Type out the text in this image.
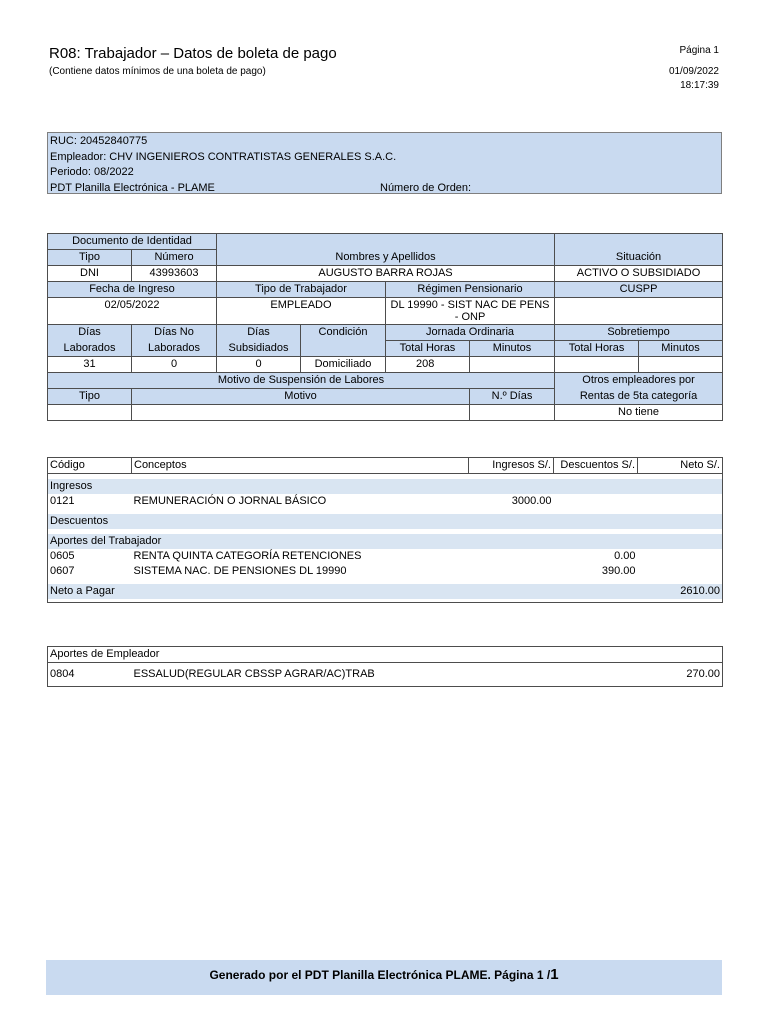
R08: Trabajador – Datos de boleta de pago
(Contiene datos mínimos de una boleta de pago)
Página 1
01/09/2022
18:17:39
RUC: 20452840775
Empleador: CHV INGENIEROS CONTRATISTAS GENERALES S.A.C.
Periodo: 08/2022
PDT Planilla Electrónica - PLAME	Número de Orden:
Documento de Identidad		Nombres y Apellidos				Situación	
Tipo	Número						
DNI	43993603	AUGUSTO BARRA ROJAS				ACTIVO O SUBSIDIADO	
Fecha de Ingreso		Tipo de Trabajador		Régimen Pensionario		CUSPP	
02/05/2022		EMPLEADO		DL 19990 - SIST NAC DE PENS - ONP			
Días	Días No	Días	Condición	Jornada Ordinaria		Sobretiempo	
Laborados	Laborados	Subsidiados		Total Horas	Minutos	Total Horas	Minutos
31	0	0	Domiciliado	208			
Motivo de Suspensión de Labores						Otros empleadores por	
Tipo	Motivo				N.º Días	Rentas de 5ta categoría	
						No tiene	
Código	Conceptos	Ingresos S/.	Descuentos S/.	Neto S/.

Ingresos				
0121	REMUNERACIÓN O JORNAL BÁSICO	3000.00		

Descuentos				

Aportes del Trabajador				
0605	RENTA QUINTA CATEGORÍA RETENCIONES		0.00	
0607	SISTEMA NAC. DE PENSIONES DL 19990		390.00	

Neto a Pagar				2610.00

Aportes de Empleador

0804	ESSALUD(REGULAR CBSSP AGRAR/AC)TRAB	270.00

Generado por el PDT Planilla Electrónica PLAME. Página 1 /1
